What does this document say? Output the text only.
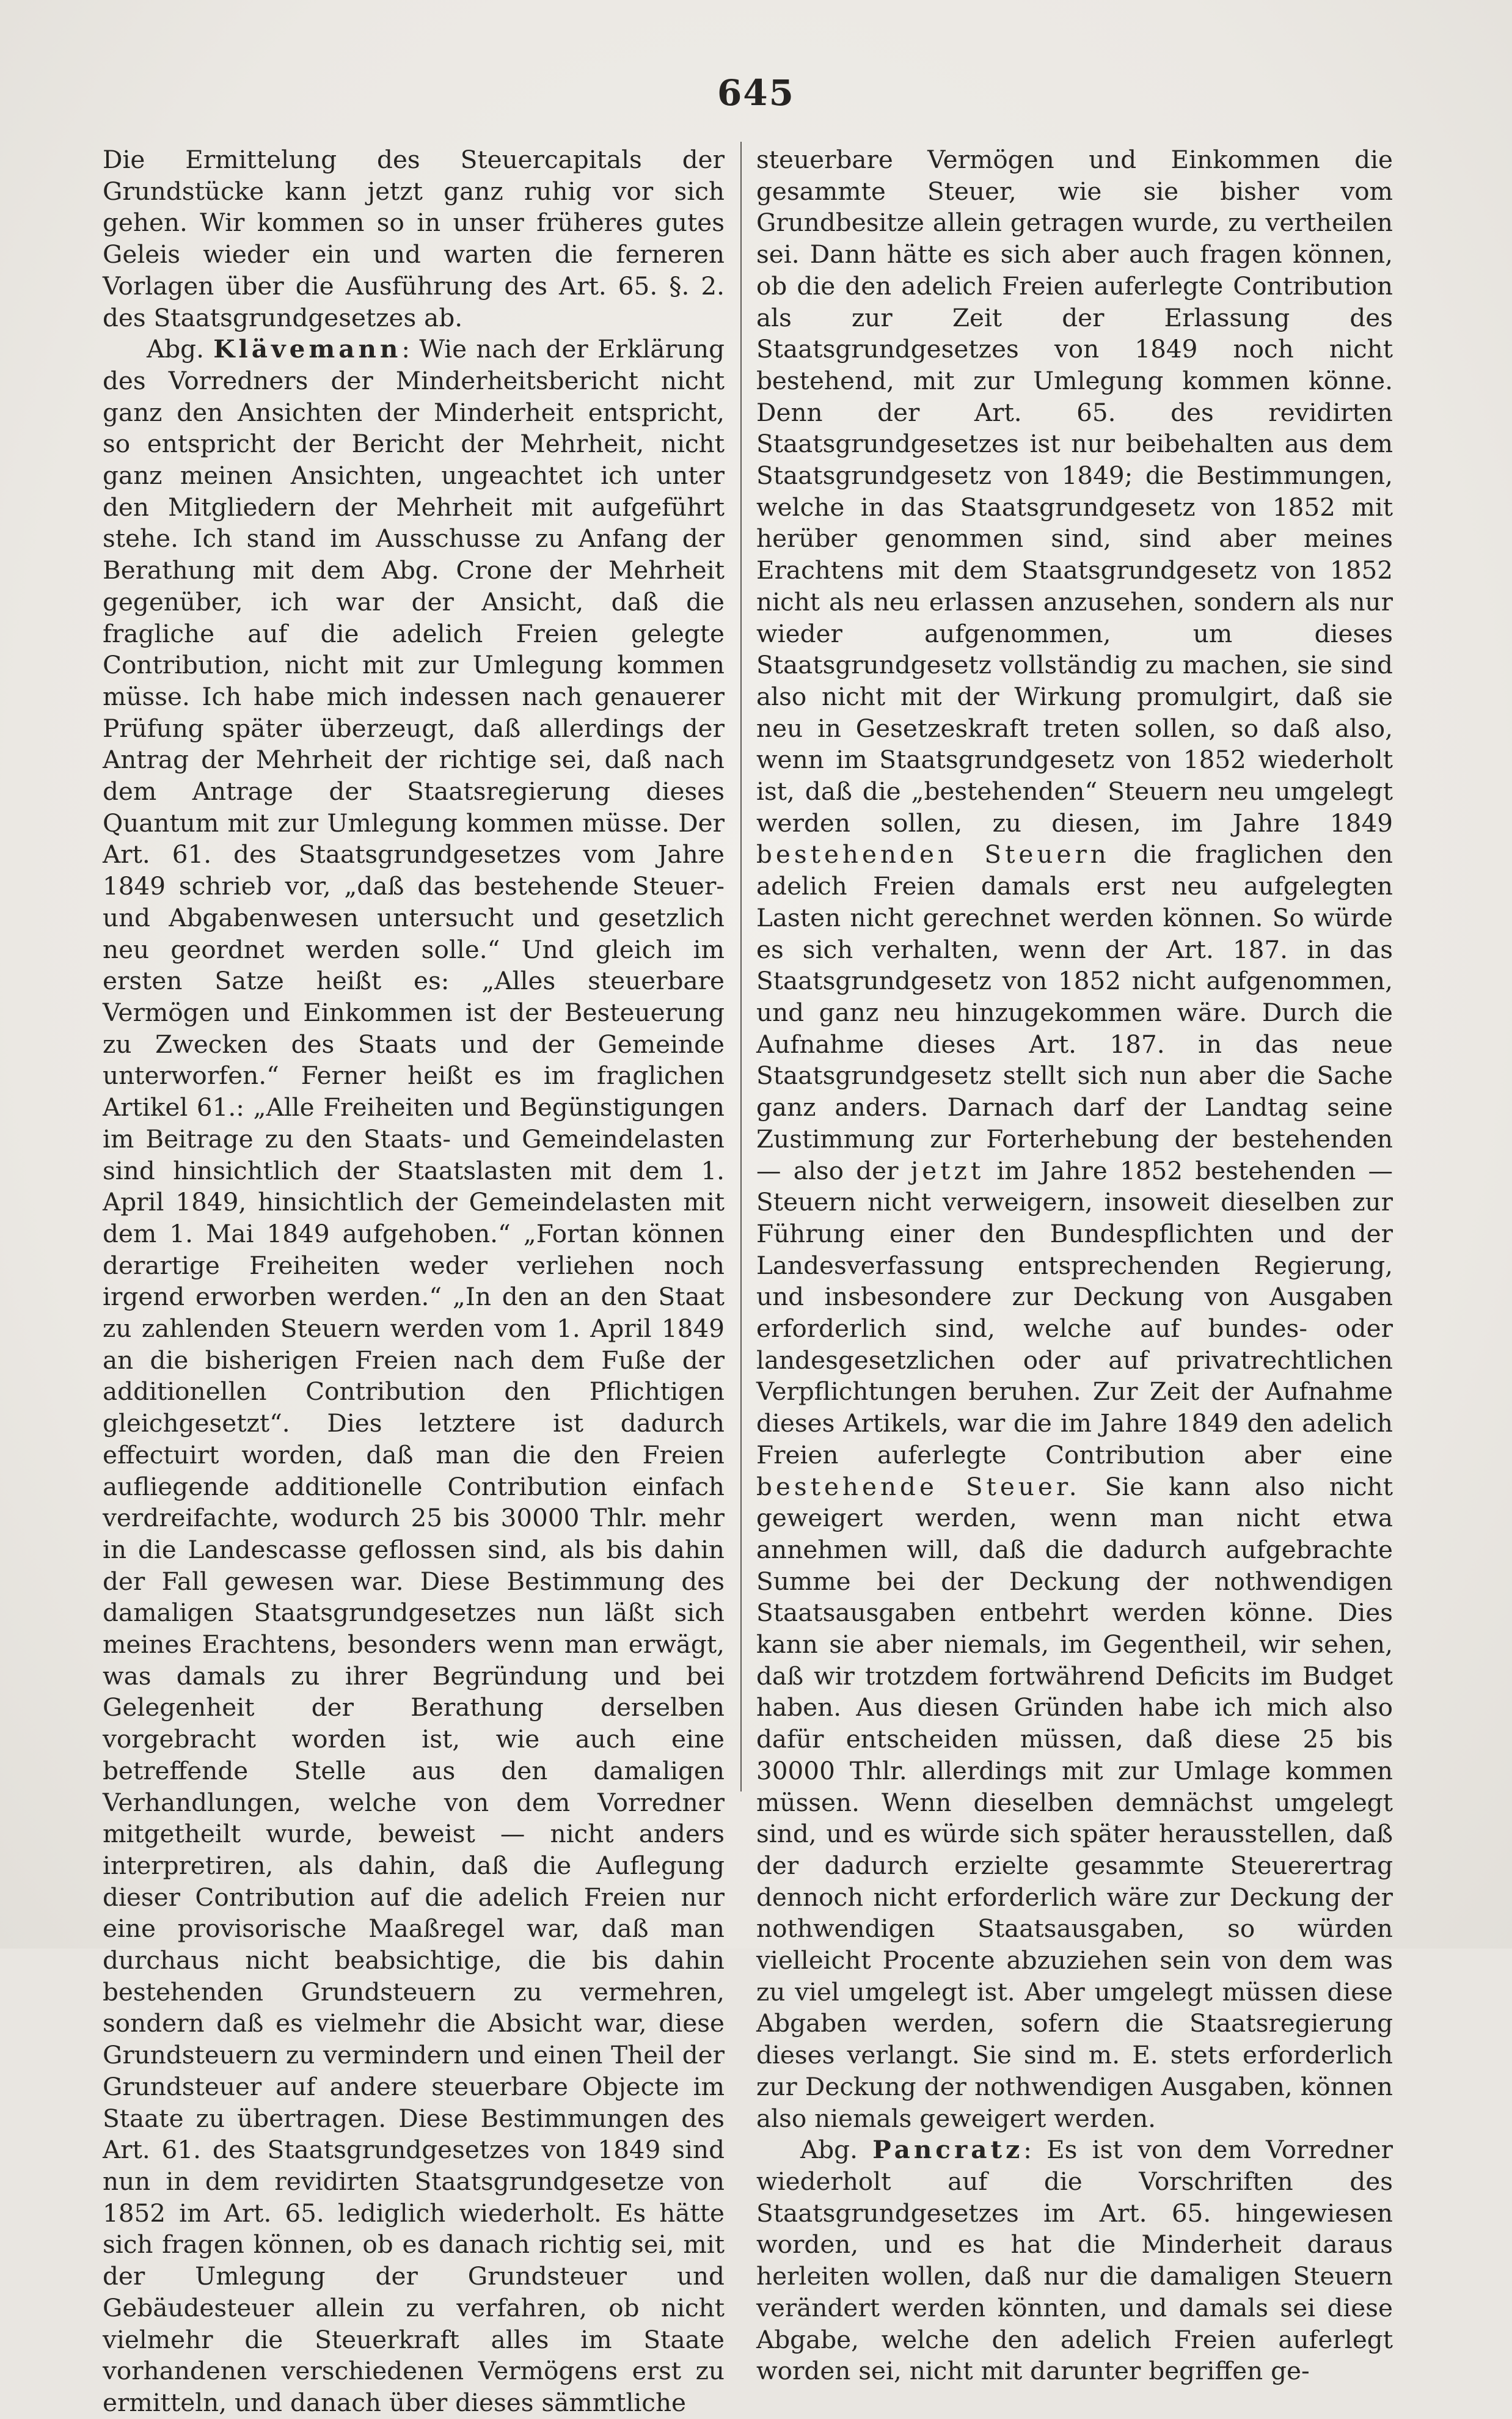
645

Die Ermittelung des Steuercapitals der Grundstücke kann jetzt ganz ruhig vor sich gehen. Wir kommen so in unser früheres gutes Geleis wieder ein und warten die ferneren Vorlagen über die Ausführung des Art. 65. §. 2. des Staatsgrundgesetzes ab.

Abg. Klävemann: Wie nach der Erklärung des Vorredners der Minderheitsbericht nicht ganz den Ansichten der Minderheit entspricht, so entspricht der Bericht der Mehrheit, nicht ganz meinen Ansichten, ungeachtet ich unter den Mitgliedern der Mehrheit mit aufgeführt stehe. Ich stand im Ausschusse zu Anfang der Berathung mit dem Abg. Crone der Mehrheit gegenüber, ich war der Ansicht, daß die fragliche auf die adelich Freien gelegte Contribution, nicht mit zur Umlegung kommen müsse. Ich habe mich indessen nach genauerer Prüfung später überzeugt, daß allerdings der Antrag der Mehrheit der richtige sei, daß nach dem Antrage der Staatsregierung dieses Quantum mit zur Umlegung kommen müsse. Der Art. 61. des Staatsgrundgesetzes vom Jahre 1849 schrieb vor, „daß das bestehende Steuer- und Abgabenwesen untersucht und gesetzlich neu geordnet werden solle.“ Und gleich im ersten Satze heißt es: „Alles steuerbare Vermögen und Einkommen ist der Besteuerung zu Zwecken des Staats und der Gemeinde unterworfen.“ Ferner heißt es im fraglichen Artikel 61.: „Alle Freiheiten und Begünstigungen im Beitrage zu den Staats- und Gemeindelasten sind hinsichtlich der Staatslasten mit dem 1. April 1849, hinsichtlich der Gemeindelasten mit dem 1. Mai 1849 aufgehoben.“ „Fortan können derartige Freiheiten weder verliehen noch irgend erworben werden.“ „In den an den Staat zu zahlenden Steuern werden vom 1. April 1849 an die bisherigen Freien nach dem Fuße der additionellen Contribution den Pflichtigen gleichgesetzt“. Dies letztere ist dadurch effectuirt worden, daß man die den Freien aufliegende additionelle Contribution einfach verdreifachte, wodurch 25 bis 30000 Thlr. mehr in die Landescasse geflossen sind, als bis dahin der Fall gewesen war. Diese Bestimmung des damaligen Staatsgrundgesetzes nun läßt sich meines Erachtens, besonders wenn man erwägt, was damals zu ihrer Begründung und bei Gelegenheit der Berathung derselben vorgebracht worden ist, wie auch eine betreffende Stelle aus den damaligen Verhandlungen, welche von dem Vorredner mitgetheilt wurde, beweist — nicht anders interpretiren, als dahin, daß die Auflegung dieser Contribution auf die adelich Freien nur eine provisorische Maaßregel war, daß man durchaus nicht beabsichtige, die bis dahin bestehenden Grundsteuern zu vermehren, sondern daß es vielmehr die Absicht war, diese Grundsteuern zu vermindern und einen Theil der Grundsteuer auf andere steuerbare Objecte im Staate zu übertragen. Diese Bestimmungen des Art. 61. des Staatsgrundgesetzes von 1849 sind nun in dem revidirten Staatsgrundgesetze von 1852 im Art. 65. lediglich wiederholt. Es hätte sich fragen können, ob es danach richtig sei, mit der Umlegung der Grundsteuer und Gebäudesteuer allein zu verfahren, ob nicht vielmehr die Steuerkraft alles im Staate vorhandenen verschiedenen Vermögens erst zu ermitteln, und danach über dieses sämmtliche

steuerbare Vermögen und Einkommen die gesammte Steuer, wie sie bisher vom Grundbesitze allein getragen wurde, zu vertheilen sei. Dann hätte es sich aber auch fragen können, ob die den adelich Freien auferlegte Contribution als zur Zeit der Erlassung des Staatsgrundgesetzes von 1849 noch nicht bestehend, mit zur Umlegung kommen könne. Denn der Art. 65. des revidirten Staatsgrundgesetzes ist nur beibehalten aus dem Staatsgrundgesetz von 1849; die Bestimmungen, welche in das Staatsgrundgesetz von 1852 mit herüber genommen sind, sind aber meines Erachtens mit dem Staatsgrundgesetz von 1852 nicht als neu erlassen anzusehen, sondern als nur wieder aufgenommen, um dieses Staatsgrundgesetz vollständig zu machen, sie sind also nicht mit der Wirkung promulgirt, daß sie neu in Gesetzeskraft treten sollen, so daß also, wenn im Staatsgrundgesetz von 1852 wiederholt ist, daß die „bestehenden“ Steuern neu umgelegt werden sollen, zu diesen, im Jahre 1849 bestehenden Steuern die fraglichen den adelich Freien damals erst neu aufgelegten Lasten nicht gerechnet werden können. So würde es sich verhalten, wenn der Art. 187. in das Staatsgrundgesetz von 1852 nicht aufgenommen, und ganz neu hinzugekommen wäre. Durch die Aufnahme dieses Art. 187. in das neue Staatsgrundgesetz stellt sich nun aber die Sache ganz anders. Darnach darf der Landtag seine Zustimmung zur Forterhebung der bestehenden — also der jetzt im Jahre 1852 bestehenden — Steuern nicht verweigern, insoweit dieselben zur Führung einer den Bundespflichten und der Landesverfassung entsprechenden Regierung, und insbesondere zur Deckung von Ausgaben erforderlich sind, welche auf bundes- oder landesgesetzlichen oder auf privatrechtlichen Verpflichtungen beruhen. Zur Zeit der Aufnahme dieses Artikels, war die im Jahre 1849 den adelich Freien auferlegte Contribution aber eine bestehende Steuer. Sie kann also nicht geweigert werden, wenn man nicht etwa annehmen will, daß die dadurch aufgebrachte Summe bei der Deckung der nothwendigen Staatsausgaben entbehrt werden könne. Dies kann sie aber niemals, im Gegentheil, wir sehen, daß wir trotzdem fortwährend Deficits im Budget haben. Aus diesen Gründen habe ich mich also dafür entscheiden müssen, daß diese 25 bis 30000 Thlr. allerdings mit zur Umlage kommen müssen. Wenn dieselben demnächst umgelegt sind, und es würde sich später herausstellen, daß der dadurch erzielte gesammte Steuerertrag dennoch nicht erforderlich wäre zur Deckung der nothwendigen Staatsausgaben, so würden vielleicht Procente abzuziehen sein von dem was zu viel umgelegt ist. Aber umgelegt müssen diese Abgaben werden, sofern die Staatsregierung dieses verlangt. Sie sind m. E. stets erforderlich zur Deckung der nothwendigen Ausgaben, können also niemals geweigert werden.

Abg. Pancratz: Es ist von dem Vorredner wiederholt auf die Vorschriften des Staatsgrundgesetzes im Art. 65. hingewiesen worden, und es hat die Minderheit daraus herleiten wollen, daß nur die damaligen Steuern verändert werden könnten, und damals sei diese Abgabe, welche den adelich Freien auferlegt worden sei, nicht mit darunter begriffen ge-
